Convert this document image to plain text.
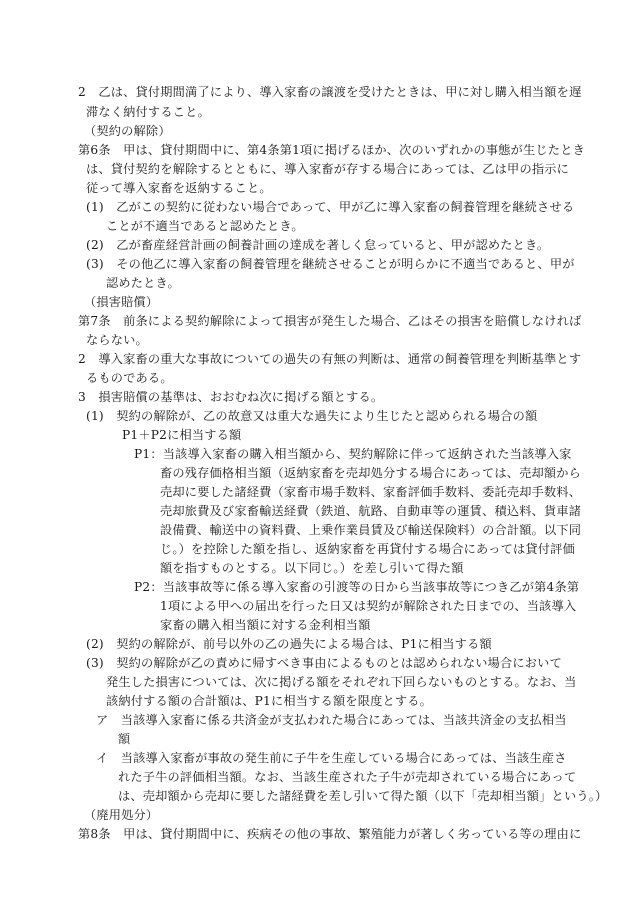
2　乙は、貸付期間満了により、導入家畜の譲渡を受けたときは、甲に対し購入相当額を遅
滞なく納付すること。
（契約の解除）
第6条　甲は、貸付期間中に、第4条第1項に掲げるほか、次のいずれかの事態が生じたとき
は、貸付契約を解除するとともに、導入家畜が存する場合にあっては、乙は甲の指示に
従って導入家畜を返納すること。
(1)　乙がこの契約に従わない場合であって、甲が乙に導入家畜の飼養管理を継続させる
ことが不適当であると認めたとき。
(2)　乙が畜産経営計画の飼養計画の達成を著しく怠っていると、甲が認めたとき。
(3)　その他乙に導入家畜の飼養管理を継続させることが明らかに不適当であると、甲が
認めたとき。
（損害賠償）
第7条　前条による契約解除によって損害が発生した場合、乙はその損害を賠償しなければ
ならない。
2　導入家畜の重大な事故についての過失の有無の判断は、通常の飼養管理を判断基準とす
るものである。
3　損害賠償の基準は、おおむね次に掲げる額とする。
(1)　契約の解除が、乙の故意又は重大な過失により生じたと認められる場合の額
P1＋P2に相当する額
P1：当該導入家畜の購入相当額から、契約解除に伴って返納された当該導入家
畜の残存価格相当額（返納家畜を売却処分する場合にあっては、売却額から
売却に要した諸経費（家畜市場手数料、家畜評価手数料、委託売却手数料、
売却旅費及び家畜輸送経費（鉄道、航路、自動車等の運賃、積込料、貨車諸
設備費、輸送中の資料費、上乗作業員賃及び輸送保険料）の合計額。以下同
じ。）を控除した額を指し、返納家畜を再貸付する場合にあっては貸付評価
額を指すものとする。以下同じ。）を差し引いて得た額
P2：当該事故等に係る導入家畜の引渡等の日から当該事故等につき乙が第4条第
1項による甲への届出を行った日又は契約が解除された日までの、当該導入
家畜の購入相当額に対する金利相当額
(2)　契約の解除が、前号以外の乙の過失による場合は、P1に相当する額
(3)　契約の解除が乙の責めに帰すべき事由によるものとは認められない場合において
発生した損害については、次に掲げる額をそれぞれ下回らないものとする。なお、当
該納付する額の合計額は、P1に相当する額を限度とする。
ア　当該導入家畜に係る共済金が支払われた場合にあっては、当該共済金の支払相当
額
イ　当該導入家畜が事故の発生前に子牛を生産している場合にあっては、当該生産さ
れた子牛の評価相当額。なお、当該生産された子牛が売却されている場合にあって
は、売却額から売却に要した諸経費を差し引いて得た額（以下「売却相当額」という。）
（廃用処分）
第8条　甲は、貸付期間中に、疾病その他の事故、繁殖能力が著しく劣っている等の理由に
